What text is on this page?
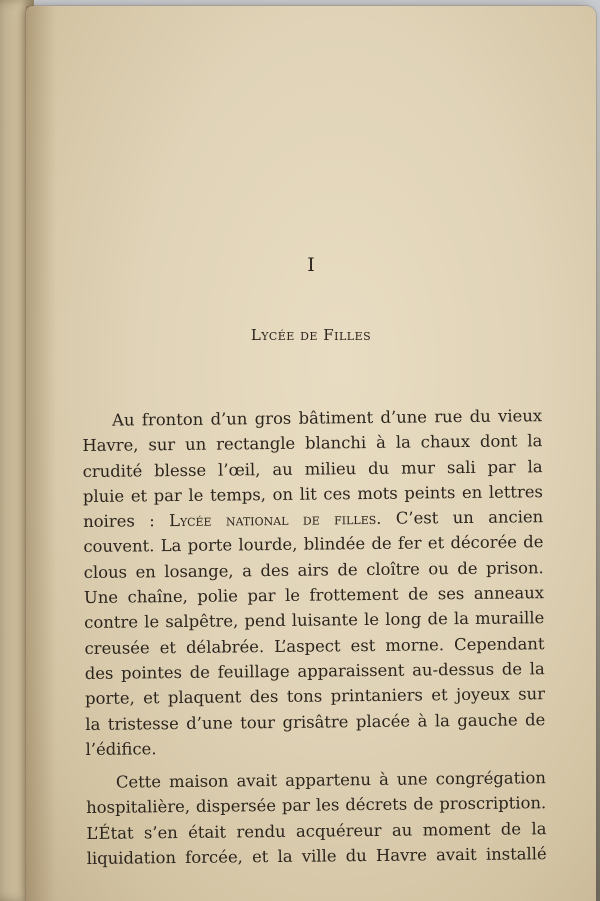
I
Lycée de Filles
Au fronton d’un gros bâtiment d’une rue du vieux
Havre, sur un rectangle blanchi à la chaux dont la
crudité blesse l’œil, au milieu du mur sali par la
pluie et par le temps, on lit ces mots peints en lettres
noires : Lycée national de filles. C’est un ancien
couvent. La porte lourde, blindée de fer et décorée de
clous en losange, a des airs de cloître ou de prison.
Une chaîne, polie par le frottement de ses anneaux
contre le salpêtre, pend luisante le long de la muraille
creusée et délabrée. L’aspect est morne. Cependant
des pointes de feuillage apparaissent au-dessus de la
porte, et plaquent des tons printaniers et joyeux sur
la tristesse d’une tour grisâtre placée à la gauche de
l’édifice.
Cette maison avait appartenu à une congrégation
hospitalière, dispersée par les décrets de proscription.
L’État s’en était rendu acquéreur au moment de la
liquidation forcée, et la ville du Havre avait installé
